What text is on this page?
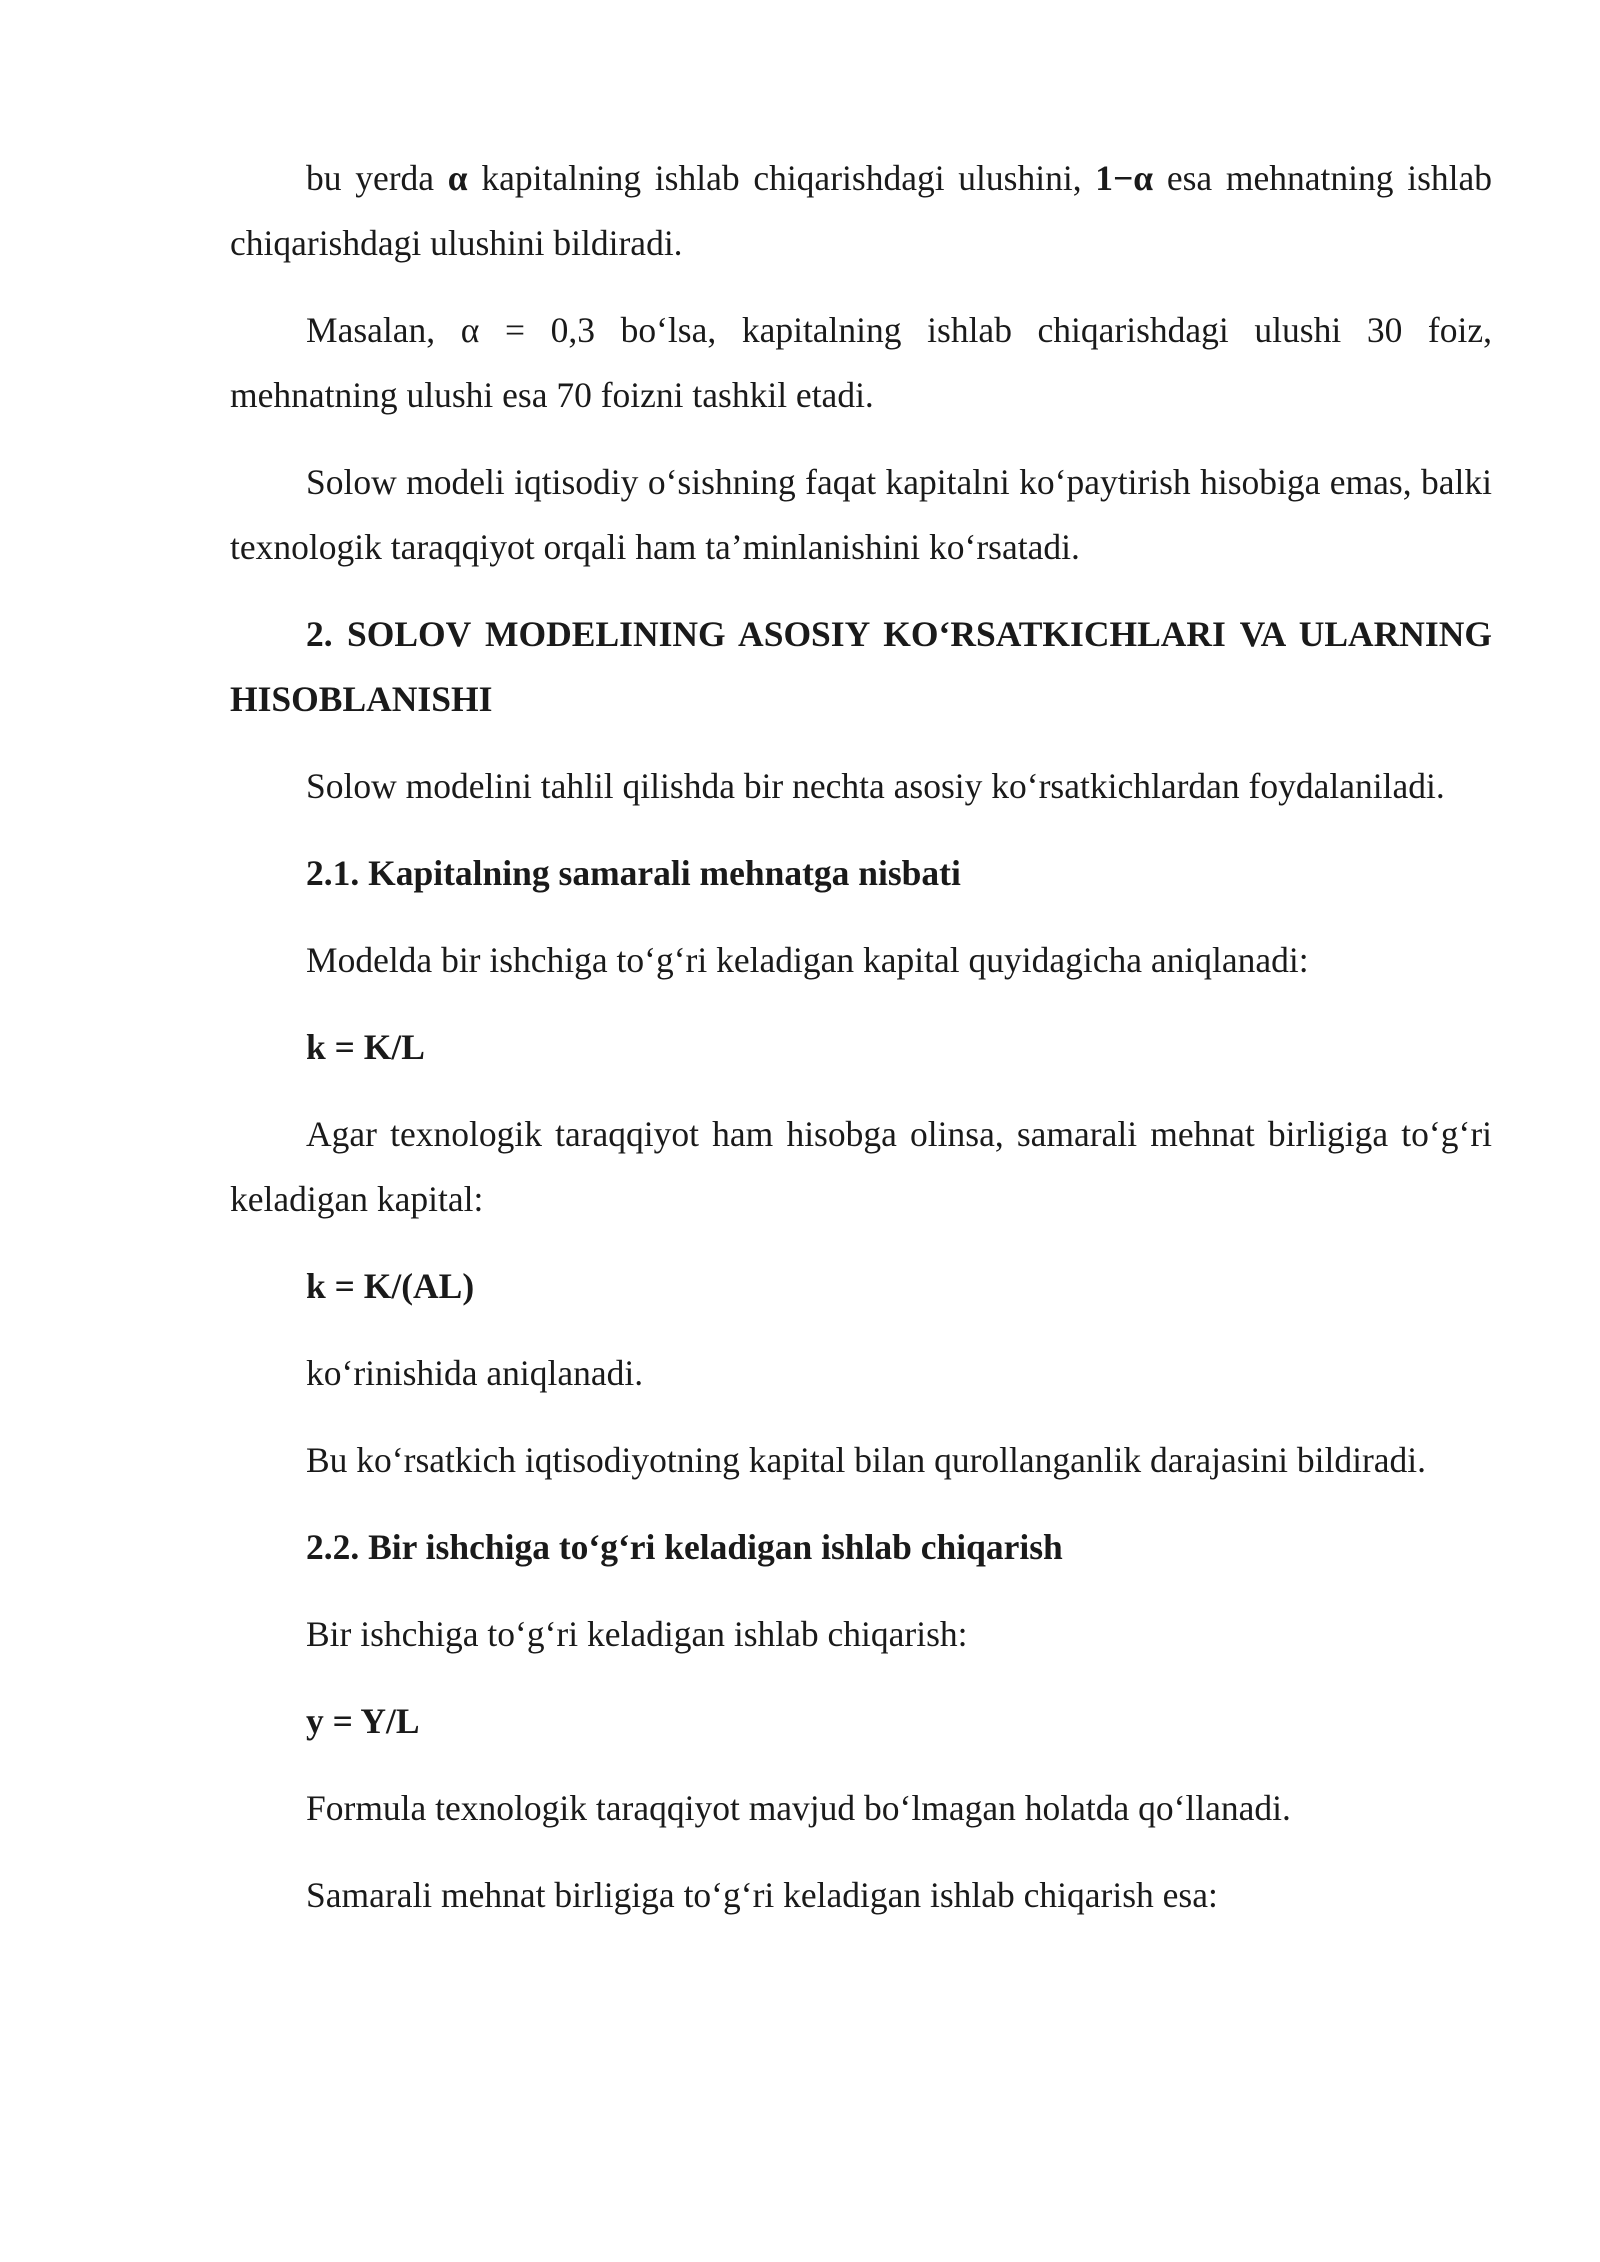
bu yerda α kapitalning ishlab chiqarishdagi ulushini, 1−α esa mehnatning ishlab chiqarishdagi ulushini bildiradi.

Masalan, α = 0,3 bo‘lsa, kapitalning ishlab chiqarishdagi ulushi 30 foiz, mehnatning ulushi esa 70 foizni tashkil etadi.

Solow modeli iqtisodiy o‘sishning faqat kapitalni ko‘paytirish hisobiga emas, balki texnologik taraqqiyot orqali ham ta’minlanishini ko‘rsatadi.

2. SOLOV MODELINING ASOSIY KO‘RSATKICHLARI VA ULARNING HISOBLANISHI

Solow modelini tahlil qilishda bir nechta asosiy ko‘rsatkichlardan foydalaniladi.

2.1. Kapitalning samarali mehnatga nisbati

Modelda bir ishchiga to‘g‘ri keladigan kapital quyidagicha aniqlanadi:

k = K/L

Agar texnologik taraqqiyot ham hisobga olinsa, samarali mehnat birligiga to‘g‘ri keladigan kapital:

k = K/(AL)

ko‘rinishida aniqlanadi.

Bu ko‘rsatkich iqtisodiyotning kapital bilan qurollanganlik darajasini bildiradi.

2.2. Bir ishchiga to‘g‘ri keladigan ishlab chiqarish

Bir ishchiga to‘g‘ri keladigan ishlab chiqarish:

y = Y/L

Formula texnologik taraqqiyot mavjud bo‘lmagan holatda qo‘llanadi.

Samarali mehnat birligiga to‘g‘ri keladigan ishlab chiqarish esa:
